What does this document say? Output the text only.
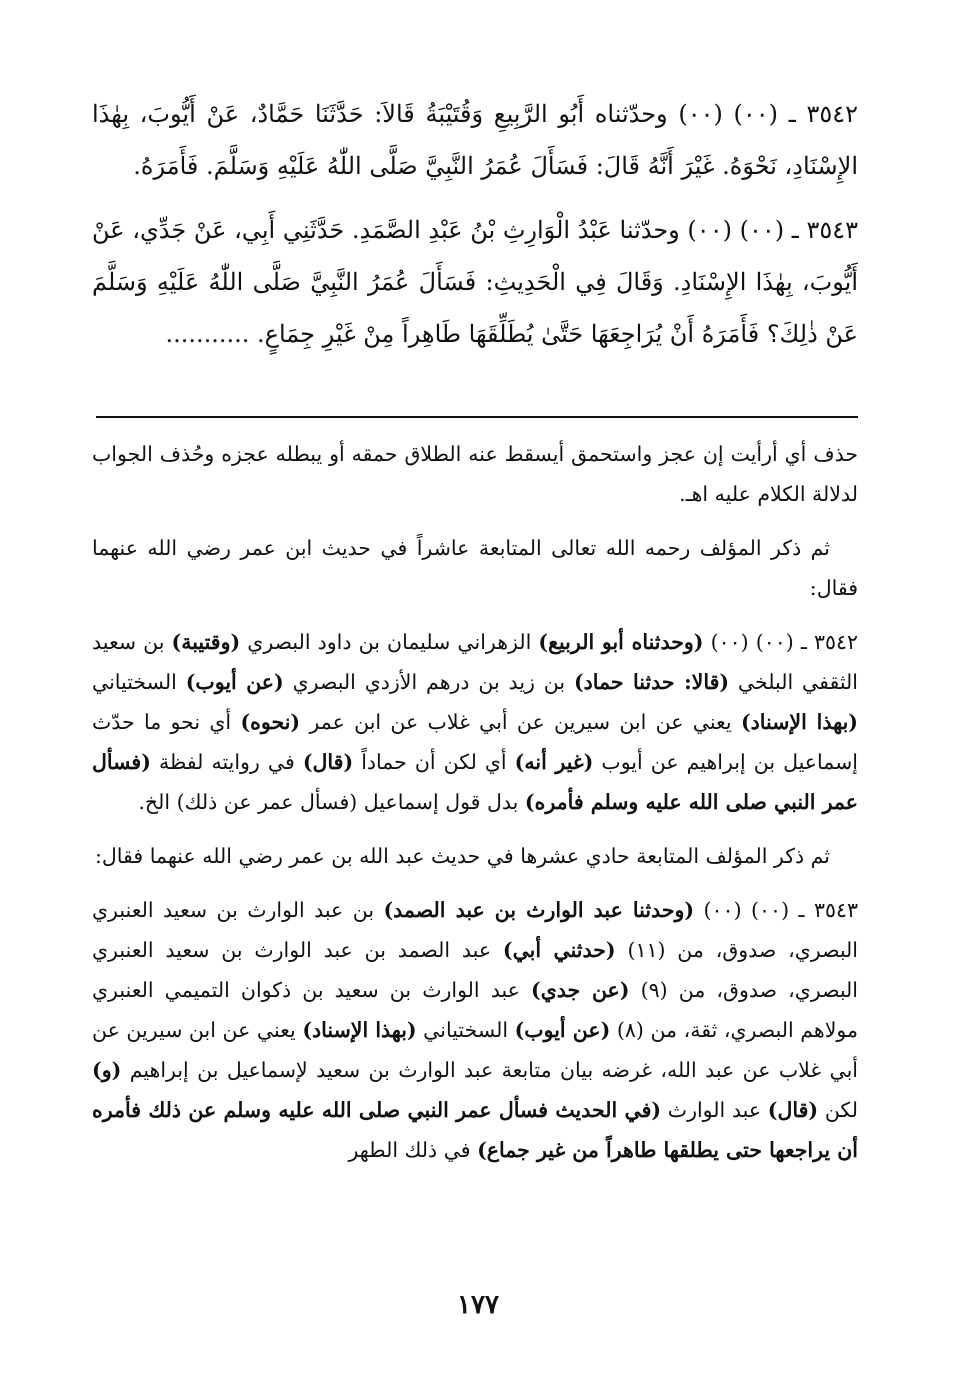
٣٥٤٢ ـ (٠٠) (٠٠) وحدّثناه أَبُو الرَّبِيعِ وَقُتَيْبَةُ قَالاَ: حَدَّثَنَا حَمَّادٌ، عَنْ أَيُّوبَ، بِهٰذَا الإِسْنَادِ، نَحْوَهُ. غَيْرَ أَنَّهُ قَالَ: فَسَأَلَ عُمَرُ النَّبِيَّ صَلَّى اللّٰهُ عَلَيْهِ وَسَلَّمَ. فَأَمَرَهُ.

٣٥٤٣ ـ (٠٠) (٠٠) وحدّثنا عَبْدُ الْوَارِثِ بْنُ عَبْدِ الصَّمَدِ. حَدَّثَنِي أَبِي، عَنْ جَدِّي، عَنْ أَيُّوبَ، بِهٰذَا الإِسْنَادِ. وَقَالَ فِي الْحَدِيثِ: فَسَأَلَ عُمَرُ النَّبِيَّ صَلَّى اللّٰهُ عَلَيْهِ وَسَلَّمَ عَنْ ذٰلِكَ؟ فَأَمَرَهُ أَنْ يُرَاجِعَهَا حَتَّىٰ يُطَلِّقَهَا طَاهِراً مِنْ غَيْرِ جِمَاعٍ. ...........

حذف أي أرأيت إن عجز واستحمق أيسقط عنه الطلاق حمقه أو يبطله عجزه وحُذف الجواب لدلالة الكلام عليه اهـ.

ثم ذكر المؤلف رحمه الله تعالى المتابعة عاشراً في حديث ابن عمر رضي الله عنهما فقال:

٣٥٤٢ ـ (٠٠) (٠٠) (وحدثناه أبو الربيع) الزهراني سليمان بن داود البصري (وقتيبة) بن سعيد الثقفي البلخي (قالا: حدثنا حماد) بن زيد بن درهم الأزدي البصري (عن أيوب) السختياني (بهذا الإسناد) يعني عن ابن سيرين عن أبي غلاب عن ابن عمر (نحوه) أي نحو ما حدّث إسماعيل بن إبراهيم عن أيوب (غير أنه) أي لكن أن حماداً (قال) في روايته لفظة (فسأل عمر النبي صلى الله عليه وسلم فأمره) بدل قول إسماعيل (فسأل عمر عن ذلك) الخ.

ثم ذكر المؤلف المتابعة حادي عشرها في حديث عبد الله بن عمر رضي الله عنهما فقال:

٣٥٤٣ ـ (٠٠) (٠٠) (وحدثنا عبد الوارث بن عبد الصمد) بن عبد الوارث بن سعيد العنبري البصري، صدوق، من (١١) (حدثني أبي) عبد الصمد بن عبد الوارث بن سعيد العنبري البصري، صدوق، من (٩) (عن جدي) عبد الوارث بن سعيد بن ذكوان التميمي العنبري مولاهم البصري، ثقة، من (٨) (عن أيوب) السختياني (بهذا الإسناد) يعني عن ابن سيرين عن أبي غلاب عن عبد الله، غرضه بيان متابعة عبد الوارث بن سعيد لإسماعيل بن إبراهيم (و) لكن (قال) عبد الوارث (في الحديث فسأل عمر النبي صلى الله عليه وسلم عن ذلك فأمره أن يراجعها حتى يطلقها طاهراً من غير جماع) في ذلك الطهر

١٧٧
